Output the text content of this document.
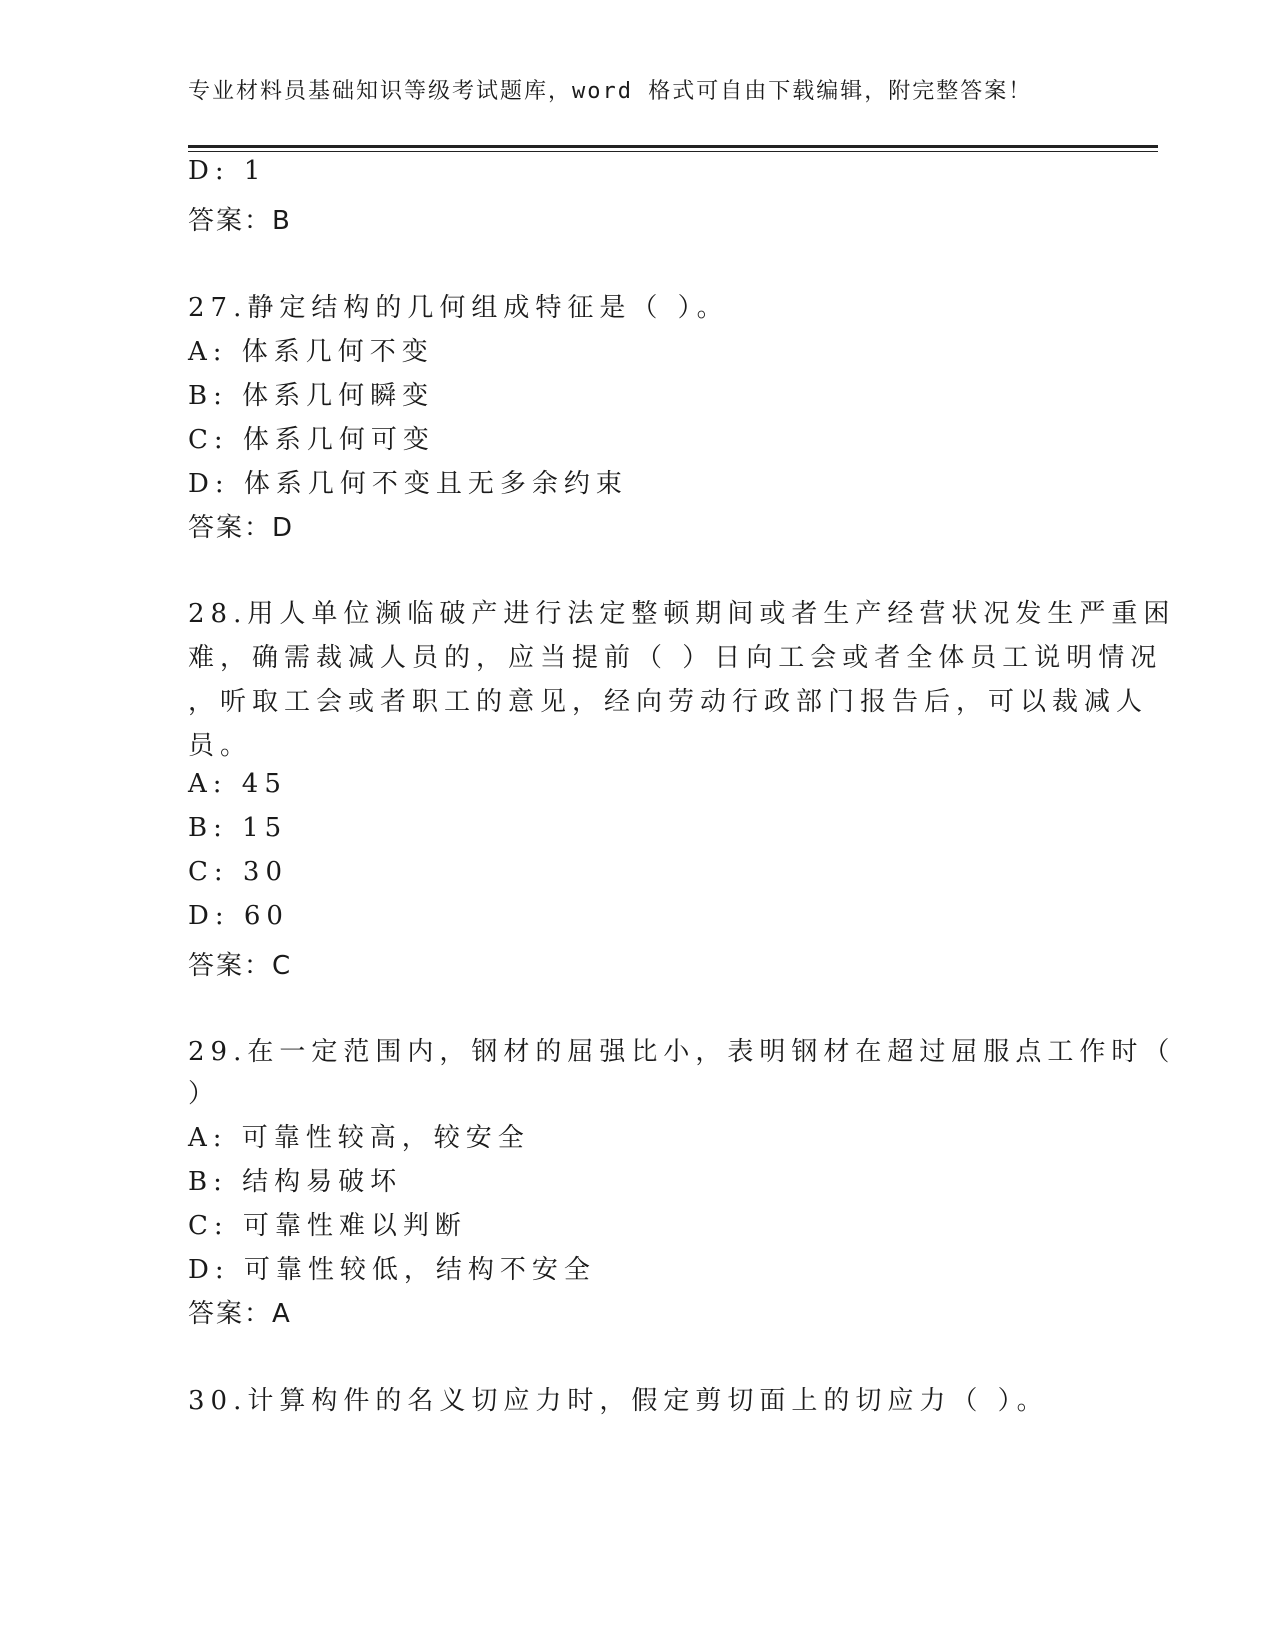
专业材料员基础知识等级考试题库，word 格式可自由下载编辑，附完整答案！
D: 1
答案：B
27.静定结构的几何组成特征是（ ）。
A: 体系几何不变
B: 体系几何瞬变
C: 体系几何可变
D: 体系几何不变且无多余约束
答案：D
28.用人单位濒临破产进行法定整顿期间或者生产经营状况发生严重困
难，确需裁减人员的，应当提前（ ）日向工会或者全体员工说明情况
，听取工会或者职工的意见，经向劳动行政部门报告后，可以裁减人
员。
A: 45
B: 15
C: 30
D: 60
答案：C
29.在一定范围内，钢材的屈强比小，表明钢材在超过屈服点工作时（
）
A: 可靠性较高，较安全
B: 结构易破坏
C: 可靠性难以判断
D: 可靠性较低，结构不安全
答案：A
30.计算构件的名义切应力时，假定剪切面上的切应力（ ）。
